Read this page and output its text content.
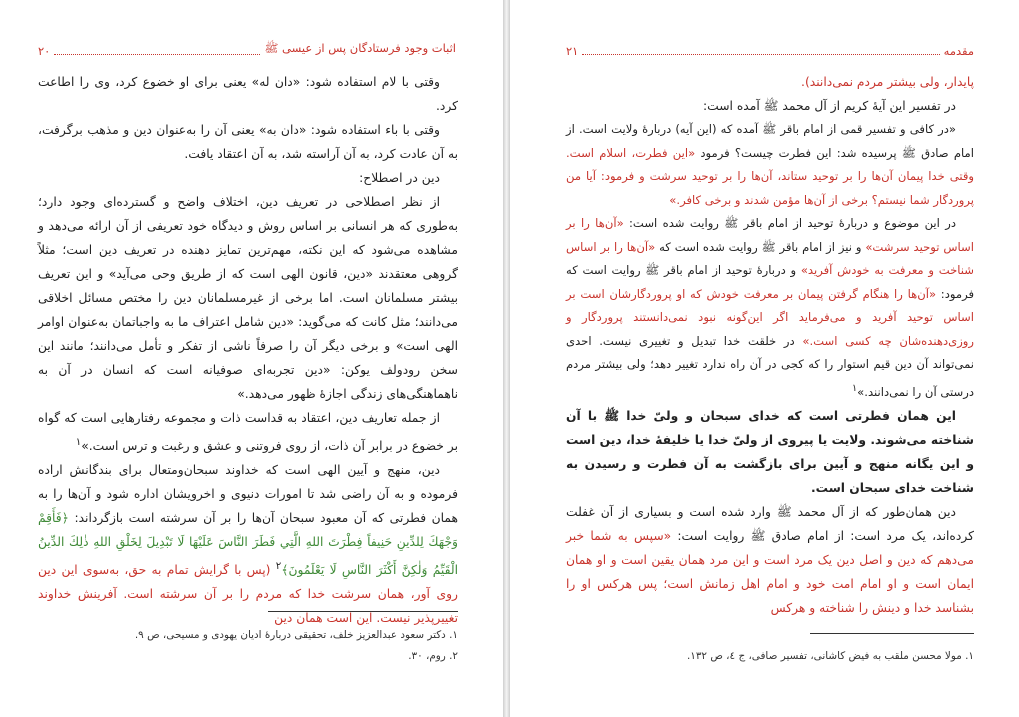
۲۰	اثبات وجود فرستادگان پس از عیسی ﷺ

وقتی با لام استفاده شود: «دان له» یعنی برای او خضوع کرد، وی را اطاعت کرد.

وقتی با باء استفاده شود: «دان به» یعنی آن را به‌عنوان دین و مذهب برگرفت، به آن عادت کرد، به آن آراسته شد، به آن اعتقاد یافت.

دین در اصطلاح:

از نظر اصطلاحی در تعریف دین، اختلاف واضح و گسترده‌ای وجود دارد؛ به‌طوری که هر انسانی بر اساس روش و دیدگاه خود تعریفی از آن ارائه می‌دهد و مشاهده می‌شود که این نکته، مهم‌ترین تمایز دهنده در تعریف دین است؛ مثلاً گروهی معتقدند «دین، قانون الهی است که از طریق وحی می‌آید» و این تعریف بیشتر مسلمانان است. اما برخی از غیرمسلمانان دین را مختص مسائل اخلاقی می‌دانند؛ مثل کانت که می‌گوید: «دین شامل اعتراف ما به واجباتمان به‌عنوان اوامر الهی است» و برخی دیگر آن را صرفاً ناشی از تفکر و تأمل می‌دانند؛ مانند این سخن رودولف یوکن: «دین تجربه‌ای صوفیانه است که انسان در آن به ناهماهنگی‌های زندگی اجازهٔ ظهور می‌دهد.»

از جمله تعاریف دین، اعتقاد به قداست ذات و مجموعه رفتارهایی است که گواه بر خضوع در برابر آن ذات، از روی فروتنی و عشق و رغبت و ترس است.»$^۱$

دین، منهج و آیین الهی است که خداوند سبحان‌ومتعال برای بندگانش اراده فرموده و به آن راضی شد تا امورات دنیوی و اخرویشان اداره شود و آن‌ها را به همان فطرتی که آن معبود سبحان آن‌ها را بر آن سرشته است بازگرداند: ﴿فَأَقِمْ وَجْهَكَ لِلدِّينِ حَنِيفاً فِطْرَتَ اللهِ الَّتِي فَطَرَ النَّاسَ عَلَيْهَا لَا تَبْدِيلَ لِخَلْقِ اللهِ ذٰلِكَ الدِّينُ الْقَيِّمُ وَلٰكِنَّ أَكْثَرَ النَّاسِ لَا يَعْلَمُونَ﴾$^۲$ (پس با گرایش تمام به حق، به‌سوی این دین روی آور، همان سرشت خدا که مردم را بر آن سرشته است. آفرینش خداوند تغییرپذیر نیست. این است همان دین

۱. دکتر سعود عبدالعزیز خلف، تحقیقی دربارهٔ ادیان یهودی و مسیحی، ص ۹.

۲. روم، ۳۰.

۲۱	مقدمه

پایدار، ولی بیشتر مردم نمی‌دانند).

در تفسیر این آیهٔ کریم از آل محمد ﷺ آمده است:

«در کافی و تفسیر قمی از امام باقر ﷺ آمده که (این آیه) دربارهٔ ولایت است. از امام صادق ﷺ پرسیده شد: این فطرت چیست؟ فرمود «این فطرت، اسلام است. وقتی خدا پیمان آن‌ها را بر توحید ستاند، آن‌ها را بر توحید سرشت و فرمود: آیا من پروردگار شما نیستم؟ برخی از آن‌ها مؤمن شدند و برخی کافر.»

در این موضوع و دربارهٔ توحید از امام باقر ﷺ روایت شده است: «آن‌ها را بر اساس توحید سرشت» و نیز از امام باقر ﷺ روایت شده است که «آن‌ها را بر اساس شناخت و معرفت به خودش آفرید» و دربارهٔ توحید از امام باقر ﷺ روایت است که فرمود: «آن‌ها را هنگام گرفتن پیمان بر معرفت خودش که او پروردگارشان است بر اساس توحید آفرید و می‌فرماید اگر این‌گونه نبود نمی‌دانستند پروردگار و روزی‌دهنده‌شان چه کسی است.» در خلقت خدا تبدیل و تغییری نیست. احدی نمی‌تواند آن دین قیم استوار را که کجی در آن راه ندارد تغییر دهد؛ ولی بیشتر مردم درستی آن را نمی‌دانند.»$^۱$

این همان فطرتی است که خدای سبحان و ولیّ خدا ﷺ با آن شناخته می‌شوند. ولایت یا پیروی از ولیّ خدا یا خلیفهٔ خدا، دین است و این یگانه منهج و آیین برای بازگشت به آن فطرت و رسیدن به شناخت خدای سبحان است.

دین همان‌طور که از آل محمد ﷺ وارد شده است و بسیاری از آن غفلت کرده‌اند، یک مرد است: از امام صادق ﷺ روایت است: «سپس به شما خبر می‌دهم که دین و اصل دین یک مرد است و این مرد همان یقین است و او همان ایمان است و او امام امت خود و امام اهل زمانش است؛ پس هرکس او را بشناسد خدا و دینش را شناخته و هرکس

۱. مولا محسن ملقب به فیض کاشانی، تفسیر صافی، ج ٤، ص ۱۳۲.
